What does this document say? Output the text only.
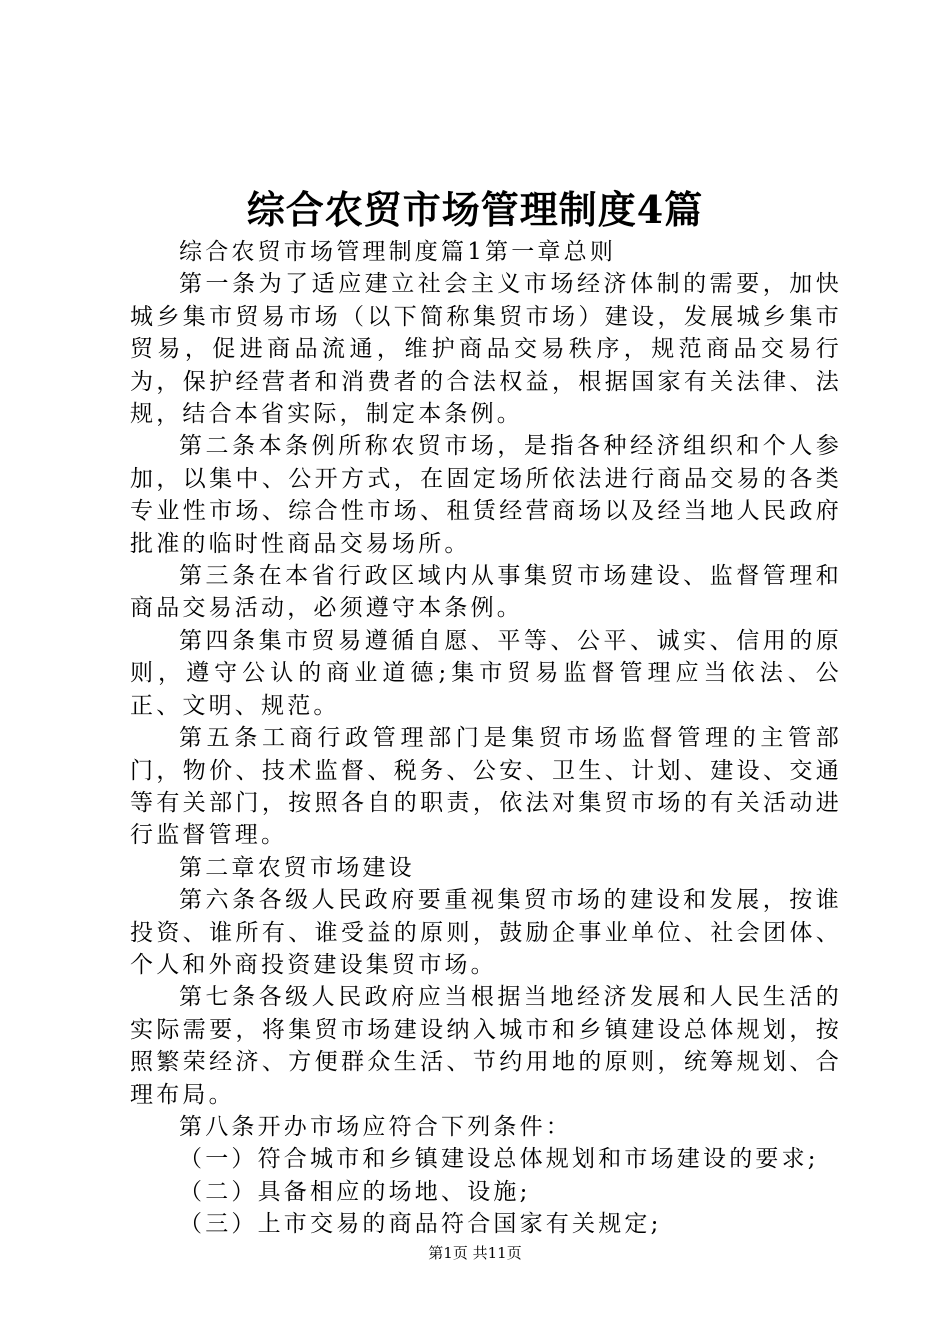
综合农贸市场管理制度4篇

综合农贸市场管理制度篇1第一章总则

第一条为了适应建立社会主义市场经济体制的需要，加快城乡集市贸易市场（以下简称集贸市场）建设，发展城乡集市贸易，促进商品流通，维护商品交易秩序，规范商品交易行为，保护经营者和消费者的合法权益，根据国家有关法律、法规，结合本省实际，制定本条例。

第二条本条例所称农贸市场，是指各种经济组织和个人参加，以集中、公开方式，在固定场所依法进行商品交易的各类专业性市场、综合性市场、租赁经营商场以及经当地人民政府批准的临时性商品交易场所。

第三条在本省行政区域内从事集贸市场建设、监督管理和商品交易活动，必须遵守本条例。

第四条集市贸易遵循自愿、平等、公平、诚实、信用的原则，遵守公认的商业道德;集市贸易监督管理应当依法、公正、文明、规范。

第五条工商行政管理部门是集贸市场监督管理的主管部门，物价、技术监督、税务、公安、卫生、计划、建设、交通等有关部门，按照各自的职责，依法对集贸市场的有关活动进行监督管理。

第二章农贸市场建设

第六条各级人民政府要重视集贸市场的建设和发展，按谁投资、谁所有、谁受益的原则，鼓励企事业单位、社会团体、个人和外商投资建设集贸市场。

第七条各级人民政府应当根据当地经济发展和人民生活的实际需要，将集贸市场建设纳入城市和乡镇建设总体规划，按照繁荣经济、方便群众生活、节约用地的原则，统筹规划、合理布局。

第八条开办市场应符合下列条件：

（一）符合城市和乡镇建设总体规划和市场建设的要求;

（二）具备相应的场地、设施;

（三）上市交易的商品符合国家有关规定;

第1页 共11页
